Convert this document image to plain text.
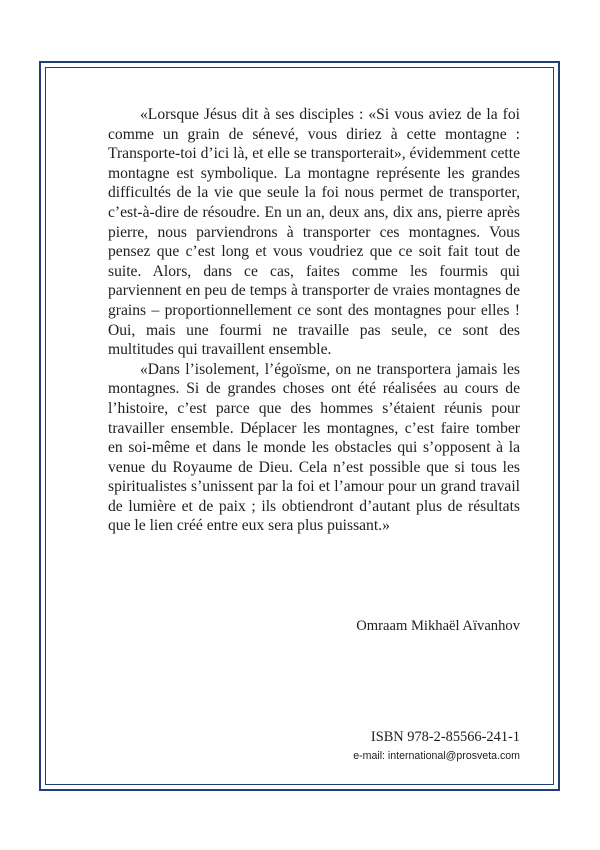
«Lorsque Jésus dit à ses disciples : «Si vous aviez de la foi comme un grain de sénevé, vous diriez à cette montagne : Transporte-toi d’ici là, et elle se transporterait», évidemment cette montagne est symbolique. La montagne représente les grandes difficultés de la vie que seule la foi nous permet de transporter, c’est-à-dire de résoudre. En un an, deux ans, dix ans, pierre après pierre, nous parviendrons à transporter ces montagnes. Vous pensez que c’est long et vous voudriez que ce soit fait tout de suite. Alors, dans ce cas, faites comme les fourmis qui parviennent en peu de temps à transporter de vraies montagnes de grains – proportionnellement ce sont des montagnes pour elles ! Oui, mais une fourmi ne travaille pas seule, ce sont des multitudes qui travaillent ensemble.

«Dans l’isolement, l’égoïsme, on ne transportera jamais les montagnes. Si de grandes choses ont été réalisées au cours de l’histoire, c’est parce que des hommes s’étaient réunis pour travailler ensemble. Déplacer les montagnes, c’est faire tomber en soi-même et dans le monde les obstacles qui s’opposent à la venue du Royaume de Dieu. Cela n’est possible que si tous les spiritualistes s’unissent par la foi et l’amour pour un grand travail de lumière et de paix ; ils obtiendront d’autant plus de résultats que le lien créé entre eux sera plus puissant.»

Omraam Mikhaël Aïvanhov
ISBN 978-2-85566-241-1
e-mail: international@prosveta.com
